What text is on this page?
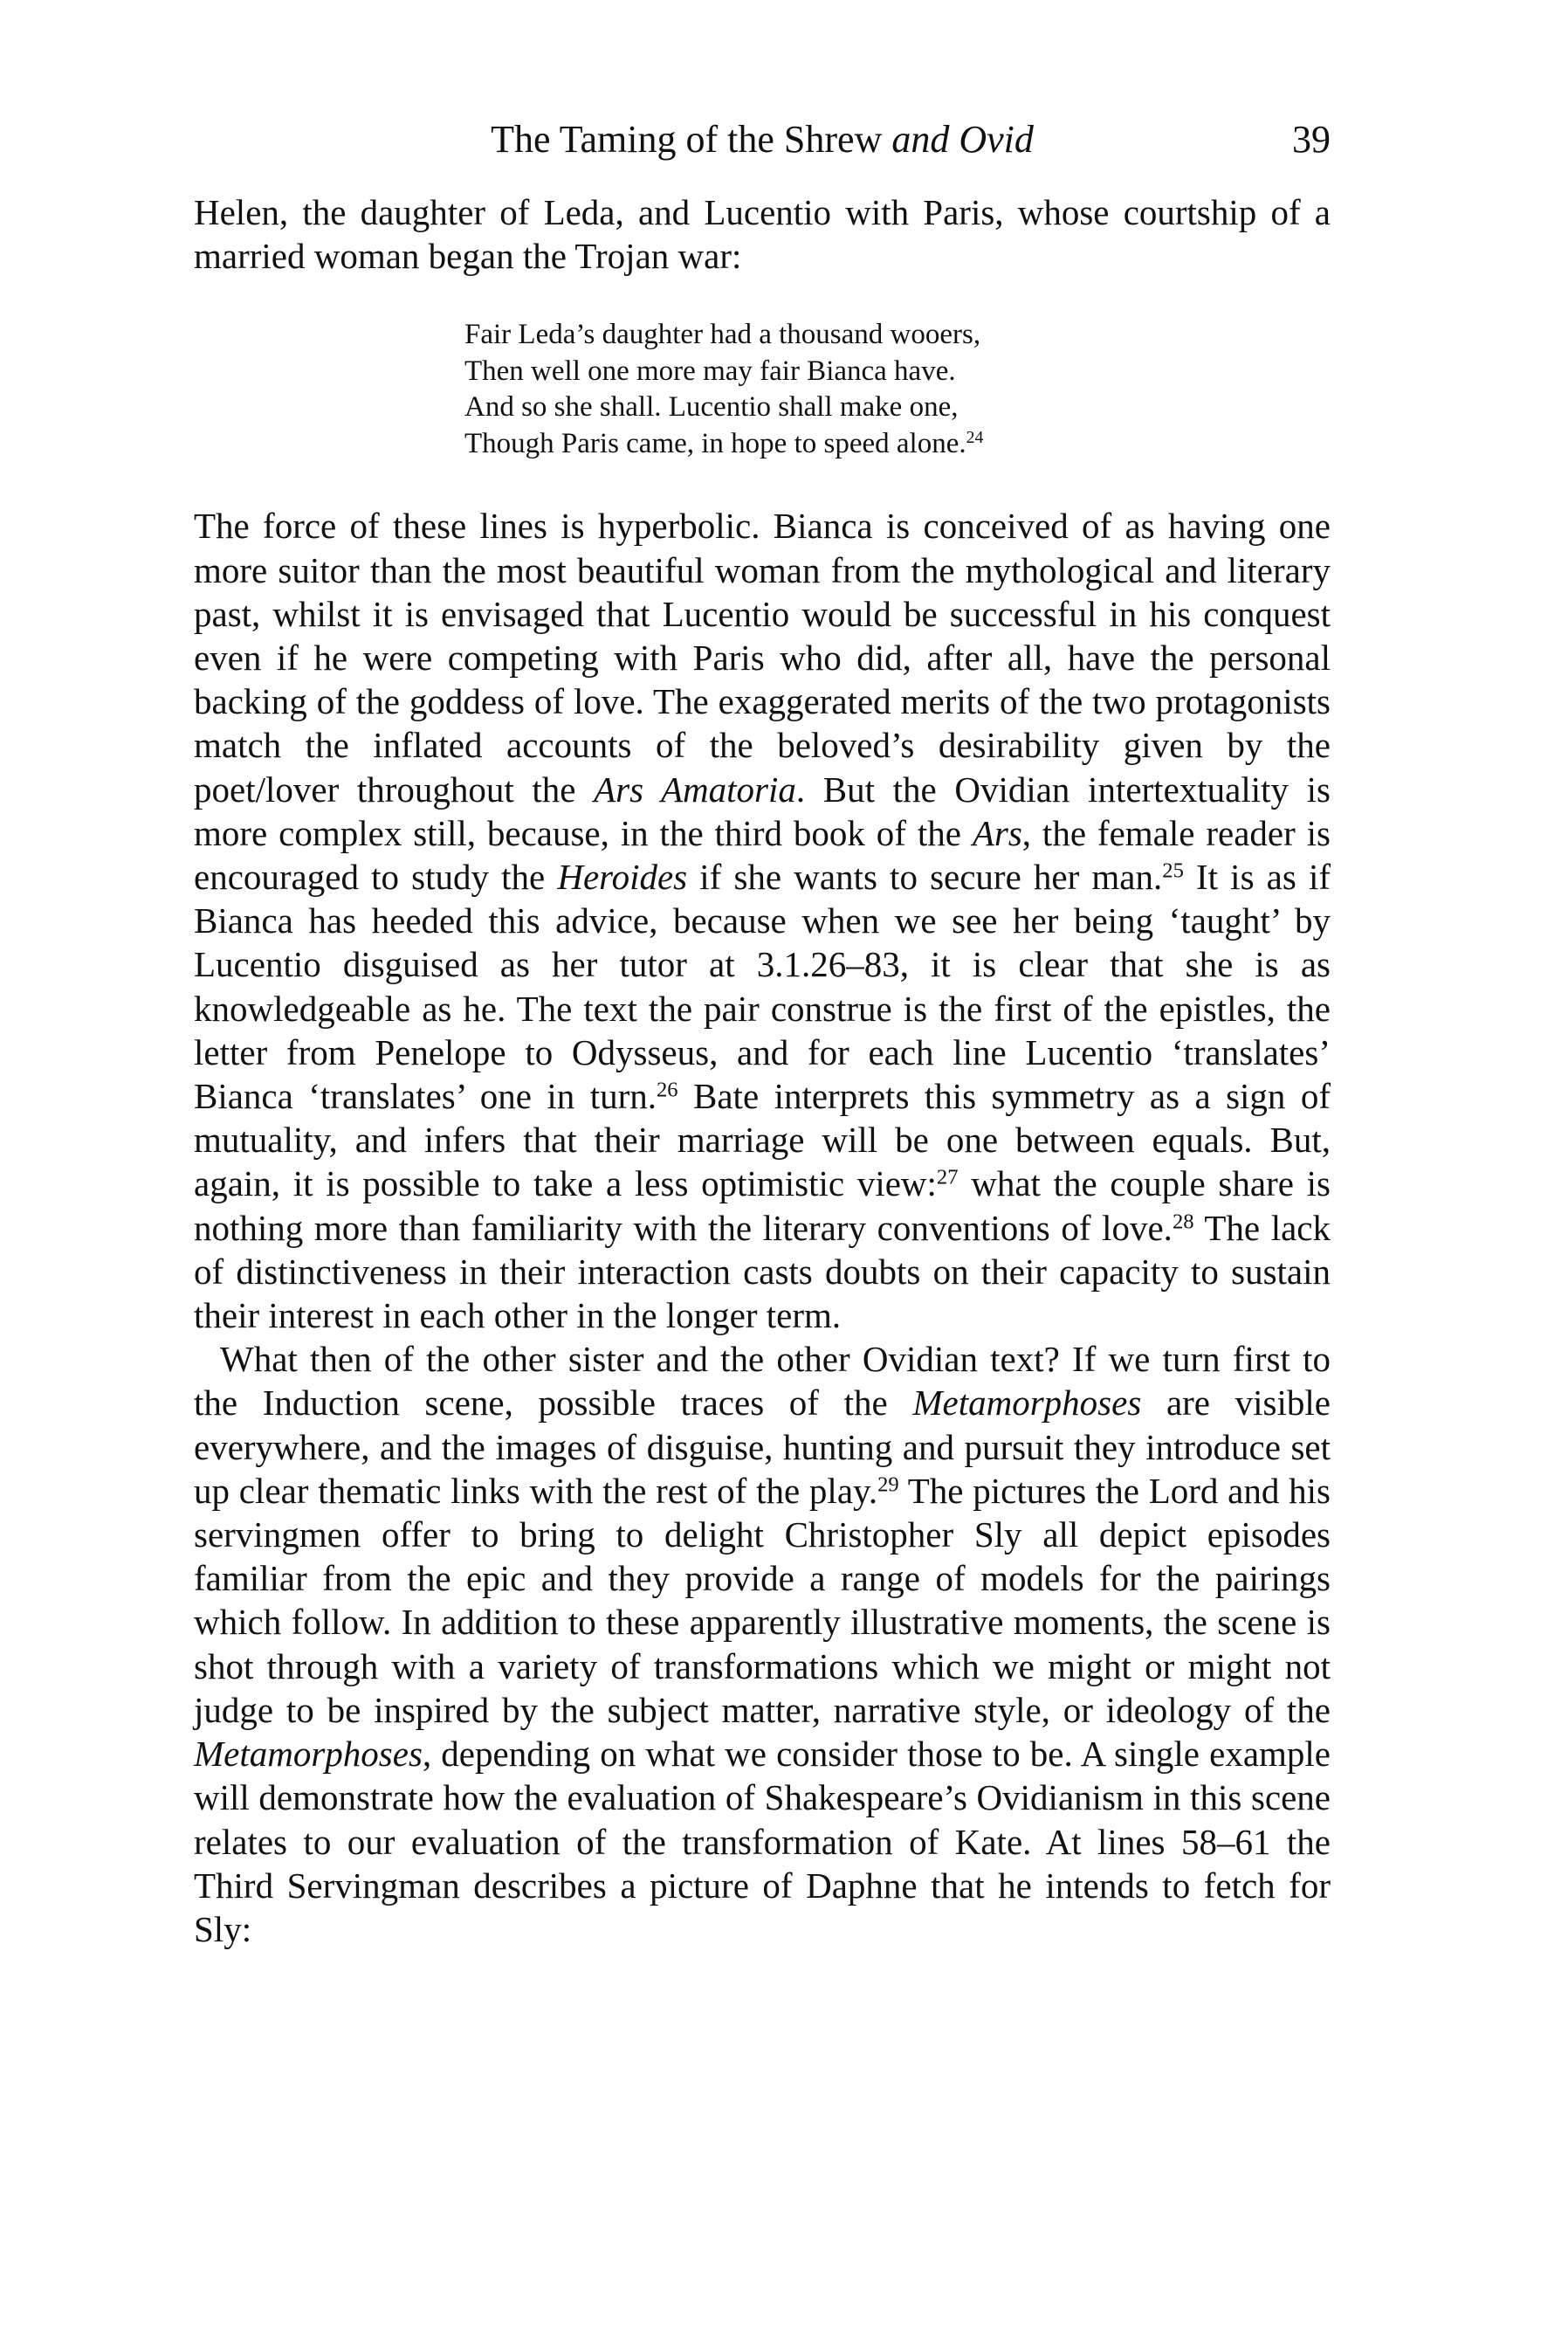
The Taming of the Shrew and Ovid	39

Helen, the daughter of Leda, and Lucentio with Paris, whose courtship of a married woman began the Trojan war:

Fair Leda’s daughter had a thousand wooers,
Then well one more may fair Bianca have.
And so she shall. Lucentio shall make one,
Though Paris came, in hope to speed alone.$^{24}$

The force of these lines is hyperbolic. Bianca is conceived of as having one more suitor than the most beautiful woman from the mythological and literary past, whilst it is envisaged that Lucentio would be successful in his conquest even if he were competing with Paris who did, after all, have the personal backing of the goddess of love. The exaggerated merits of the two protagonists match the inflated accounts of the beloved’s desirability given by the poet/lover throughout the Ars Amatoria. But the Ovidian intertextuality is more complex still, because, in the third book of the Ars, the female reader is encouraged to study the Heroides if she wants to secure her man.$^{25}$ It is as if Bianca has heeded this advice, because when we see her being ‘taught’ by Lucentio disguised as her tutor at 3.1.26–83, it is clear that she is as knowledgeable as he. The text the pair construe is the first of the epistles, the letter from Penelope to Odysseus, and for each line Lucentio ‘translates’ Bianca ‘translates’ one in turn.$^{26}$ Bate interprets this symmetry as a sign of mutuality, and infers that their marriage will be one between equals. But, again, it is possible to take a less optimistic view:$^{27}$ what the couple share is nothing more than familiarity with the literary conventions of love.$^{28}$ The lack of distinctiveness in their interaction casts doubts on their capacity to sustain their interest in each other in the longer term.

What then of the other sister and the other Ovidian text? If we turn first to the Induction scene, possible traces of the Metamorphoses are visible everywhere, and the images of disguise, hunting and pursuit they introduce set up clear thematic links with the rest of the play.$^{29}$ The pictures the Lord and his servingmen offer to bring to delight Christopher Sly all depict episodes familiar from the epic and they provide a range of models for the pairings which follow. In addition to these apparently illustrative moments, the scene is shot through with a variety of transformations which we might or might not judge to be inspired by the subject matter, narrative style, or ideology of the Metamorphoses, depending on what we consider those to be. A single example will demonstrate how the evaluation of Shakespeare’s Ovidianism in this scene relates to our evaluation of the transformation of Kate. At lines 58–61 the Third Servingman describes a picture of Daphne that he intends to fetch for Sly:
